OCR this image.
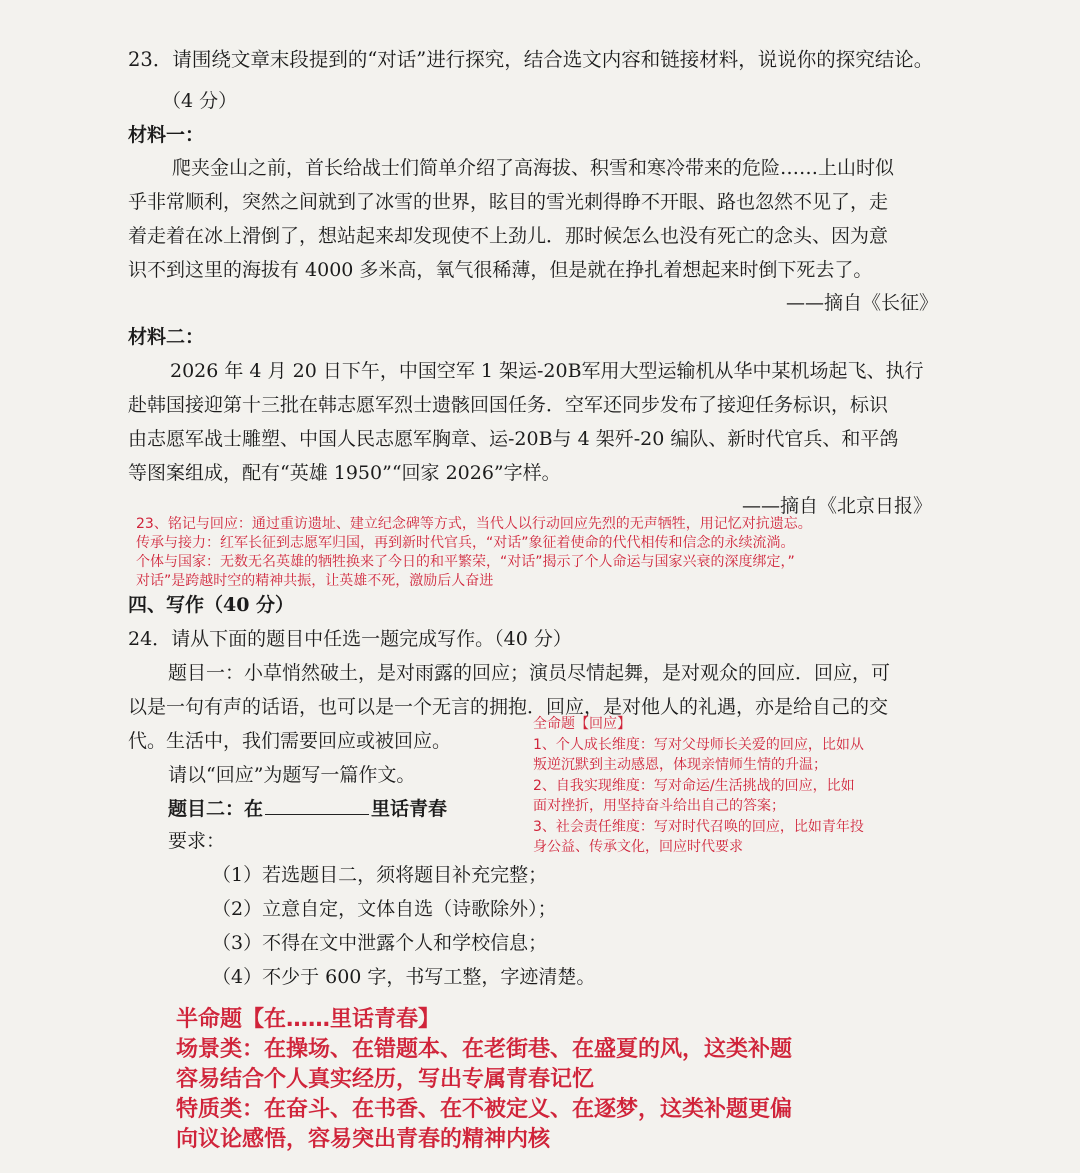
23．请围绕文章末段提到的“对话”进行探究，结合选文内容和链接材料，说说你的探究结论。
（4 分）
材料一：
爬夹金山之前，首长给战士们简单介绍了高海拔、积雪和寒冷带来的危险……上山时似
乎非常顺利，突然之间就到了冰雪的世界，眩目的雪光刺得睁不开眼、路也忽然不见了，走
着走着在冰上滑倒了，想站起来却发现使不上劲儿．那时候怎么也没有死亡的念头、因为意
识不到这里的海拔有 4000 多米高，氧气很稀薄，但是就在挣扎着想起来时倒下死去了。
——摘自《长征》
材料二：
2026 年 4 月 20 日下午，中国空军 1 架运-20B军用大型运输机从华中某机场起飞、执行
赴韩国接迎第十三批在韩志愿军烈士遗骸回国任务．空军还同步发布了接迎任务标识，标识
由志愿军战士雕塑、中国人民志愿军胸章、运-20B与 4 架歼-20 编队、新时代官兵、和平鸽
等图案组成，配有“英雄 1950”“回家 2026”字样。
——摘自《北京日报》
23、铭记与回应：通过重访遗址、建立纪念碑等方式，当代人以行动回应先烈的无声牺牲，用记忆对抗遗忘。
传承与接力：红军长征到志愿军归国，再到新时代官兵，“对话”象征着使命的代代相传和信念的永续流淌。
个体与国家：无数无名英雄的牺牲换来了今日的和平繁荣，“对话”揭示了个人命运与国家兴衰的深度绑定，”
对话”是跨越时空的精神共振，让英雄不死，激励后人奋进
四、写作（40 分）
24．请从下面的题目中任选一题完成写作。（40 分）
题目一：小草悄然破土，是对雨露的回应；演员尽情起舞，是对观众的回应．回应，可
以是一句有声的话语，也可以是一个无言的拥抱．回应，是对他人的礼遇，亦是给自己的交
代。生活中，我们需要回应或被回应。
请以“回应”为题写一篇作文。
题目二：在	里话青春
要求：
（1）若选题目二，须将题目补充完整；
（2）立意自定，文体自选（诗歌除外）；
（3）不得在文中泄露个人和学校信息；
（4）不少于 600 字，书写工整，字迹清楚。
全命题【回应】
1、个人成长维度：写对父母师长关爱的回应，比如从
叛逆沉默到主动感恩，体现亲情师生情的升温；
2、自我实现维度：写对命运/生活挑战的回应，比如
面对挫折，用坚持奋斗给出自己的答案；
3、社会责任维度：写对时代召唤的回应，比如青年投
身公益、传承文化，回应时代要求
半命题【在……里话青春】
场景类：在操场、在错题本、在老街巷、在盛夏的风，这类补题
容易结合个人真实经历，写出专属青春记忆
特质类：在奋斗、在书香、在不被定义、在逐梦，这类补题更偏
向议论感悟，容易突出青春的精神内核
